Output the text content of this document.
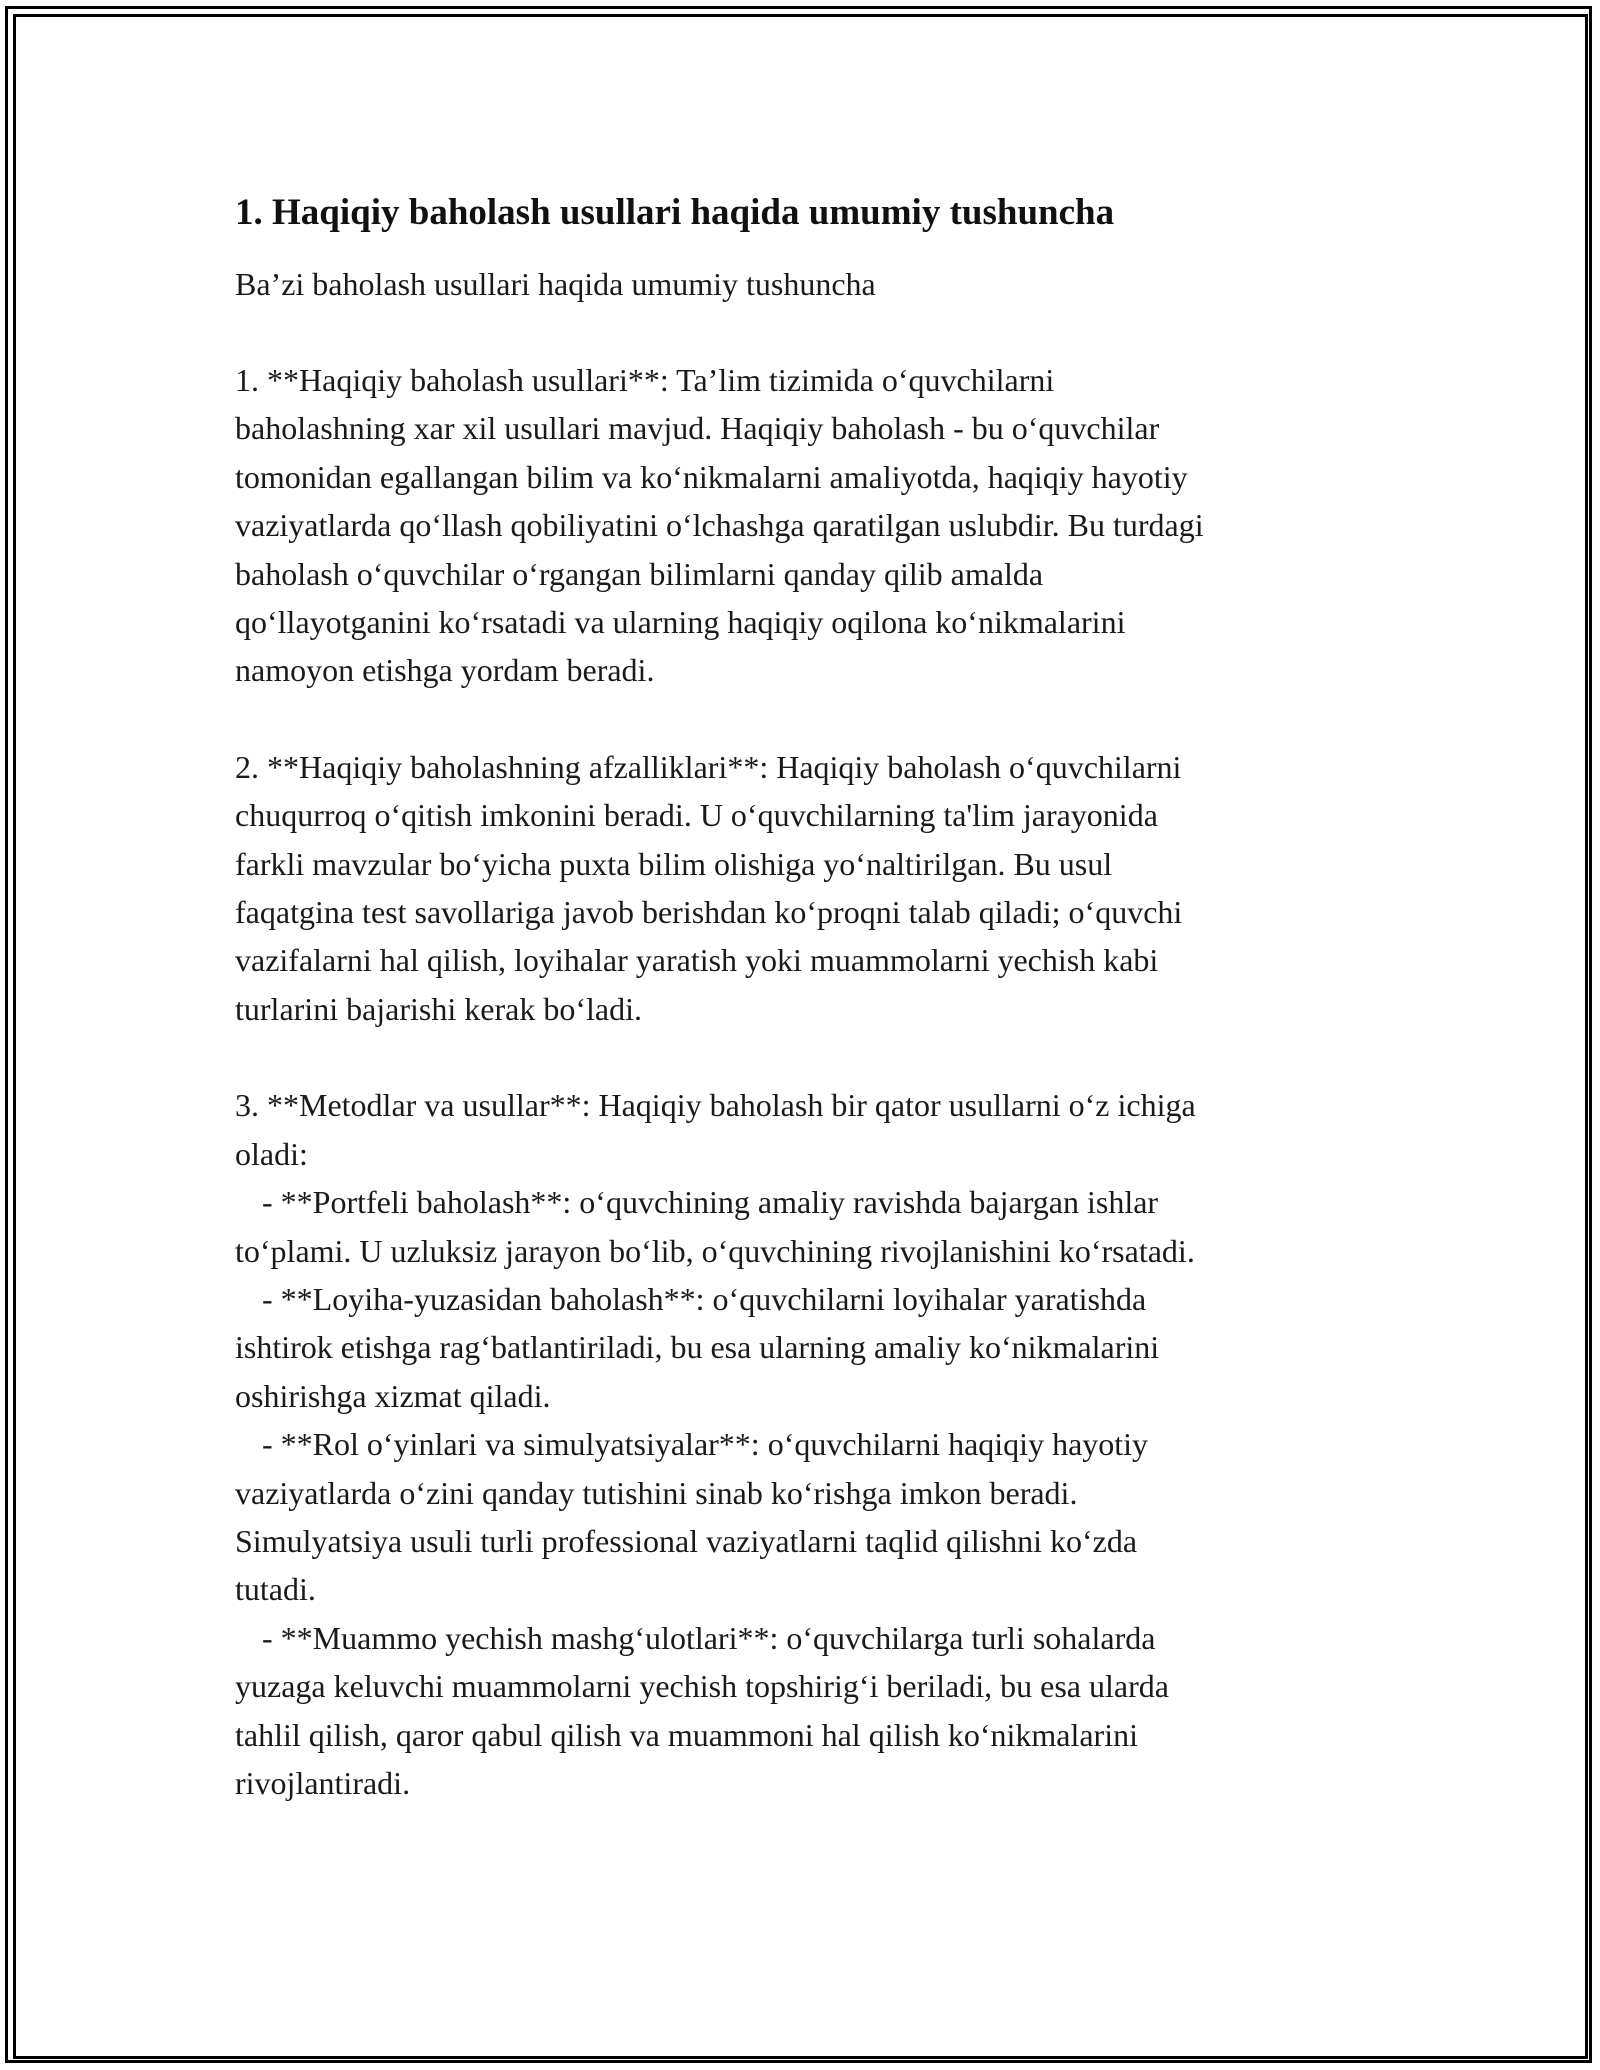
1. Haqiqiy baholash usullari haqida umumiy tushuncha

Ba’zi baholash usullari haqida umumiy tushuncha

1. **Haqiqiy baholash usullari**: Ta’lim tizimida o‘quvchilarni
baholashning xar xil usullari mavjud. Haqiqiy baholash - bu o‘quvchilar
tomonidan egallangan bilim va ko‘nikmalarni amaliyotda, haqiqiy hayotiy
vaziyatlarda qo‘llash qobiliyatini o‘lchashga qaratilgan uslubdir. Bu turdagi
baholash o‘quvchilar o‘rgangan bilimlarni qanday qilib amalda
qo‘llayotganini ko‘rsatadi va ularning haqiqiy oqilona ko‘nikmalarini
namoyon etishga yordam beradi.
2. **Haqiqiy baholashning afzalliklari**: Haqiqiy baholash o‘quvchilarni
chuqurroq o‘qitish imkonini beradi. U o‘quvchilarning ta'lim jarayonida
farkli mavzular bo‘yicha puxta bilim olishiga yo‘naltirilgan. Bu usul
faqatgina test savollariga javob berishdan ko‘proqni talab qiladi; o‘quvchi
vazifalarni hal qilish, loyihalar yaratish yoki muammolarni yechish kabi
turlarini bajarishi kerak bo‘ladi.
3. **Metodlar va usullar**: Haqiqiy baholash bir qator usullarni o‘z ichiga
oladi:
- **Portfeli baholash**: o‘quvchining amaliy ravishda bajargan ishlar
to‘plami. U uzluksiz jarayon bo‘lib, o‘quvchining rivojlanishini ko‘rsatadi.
- **Loyiha-yuzasidan baholash**: o‘quvchilarni loyihalar yaratishda
ishtirok etishga rag‘batlantiriladi, bu esa ularning amaliy ko‘nikmalarini
oshirishga xizmat qiladi.
- **Rol o‘yinlari va simulyatsiyalar**: o‘quvchilarni haqiqiy hayotiy
vaziyatlarda o‘zini qanday tutishini sinab ko‘rishga imkon beradi.
Simulyatsiya usuli turli professional vaziyatlarni taqlid qilishni ko‘zda
tutadi.
- **Muammo yechish mashg‘ulotlari**: o‘quvchilarga turli sohalarda
yuzaga keluvchi muammolarni yechish topshirig‘i beriladi, bu esa ularda
tahlil qilish, qaror qabul qilish va muammoni hal qilish ko‘nikmalarini
rivojlantiradi.
